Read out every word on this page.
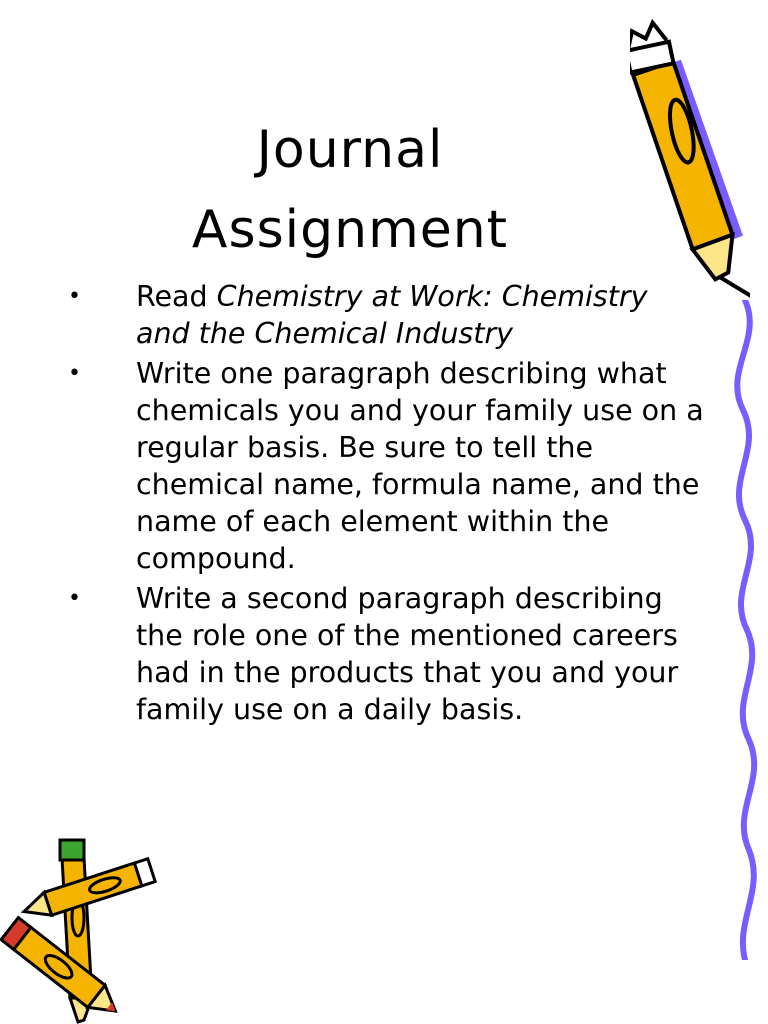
Journal
Assignment
• Read Chemistry at Work: Chemistry and the Chemical Industry
• Write one paragraph describing what chemicals you and your family use on a regular basis. Be sure to tell the chemical name, formula name, and the name of each element within the compound.
• Write a second paragraph describing the role one of the mentioned careers had in the products that you and your family use on a daily basis.
